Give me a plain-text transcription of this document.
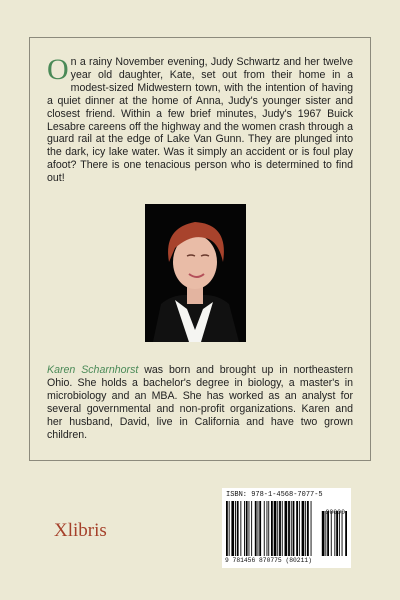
On a rainy November evening, Judy Schwartz and her twelve year old daughter, Kate, set out from their home in a modest-sized Midwestern town, with the intention of having a quiet dinner at the home of Anna, Judy's younger sister and closest friend. Within a few brief minutes, Judy's 1967 Buick Lesabre careens off the highway and the women crash through a guard rail at the edge of Lake Van Gunn. They are plunged into the dark, icy lake water. Was it simply an accident or is foul play afoot? There is one tenacious person who is determined to find out!
Karen Scharnhorst was born and brought up in northeastern Ohio. She holds a bachelor's degree in biology, a master's in microbiology and an MBA. She has worked as an analyst for several governmental and non-profit organizations. Karen and her husband, David, live in California and have two grown children.
Xlibris
ISBN: 978-1-4568-7077-5
90000
9 781456 870775 (80211)
